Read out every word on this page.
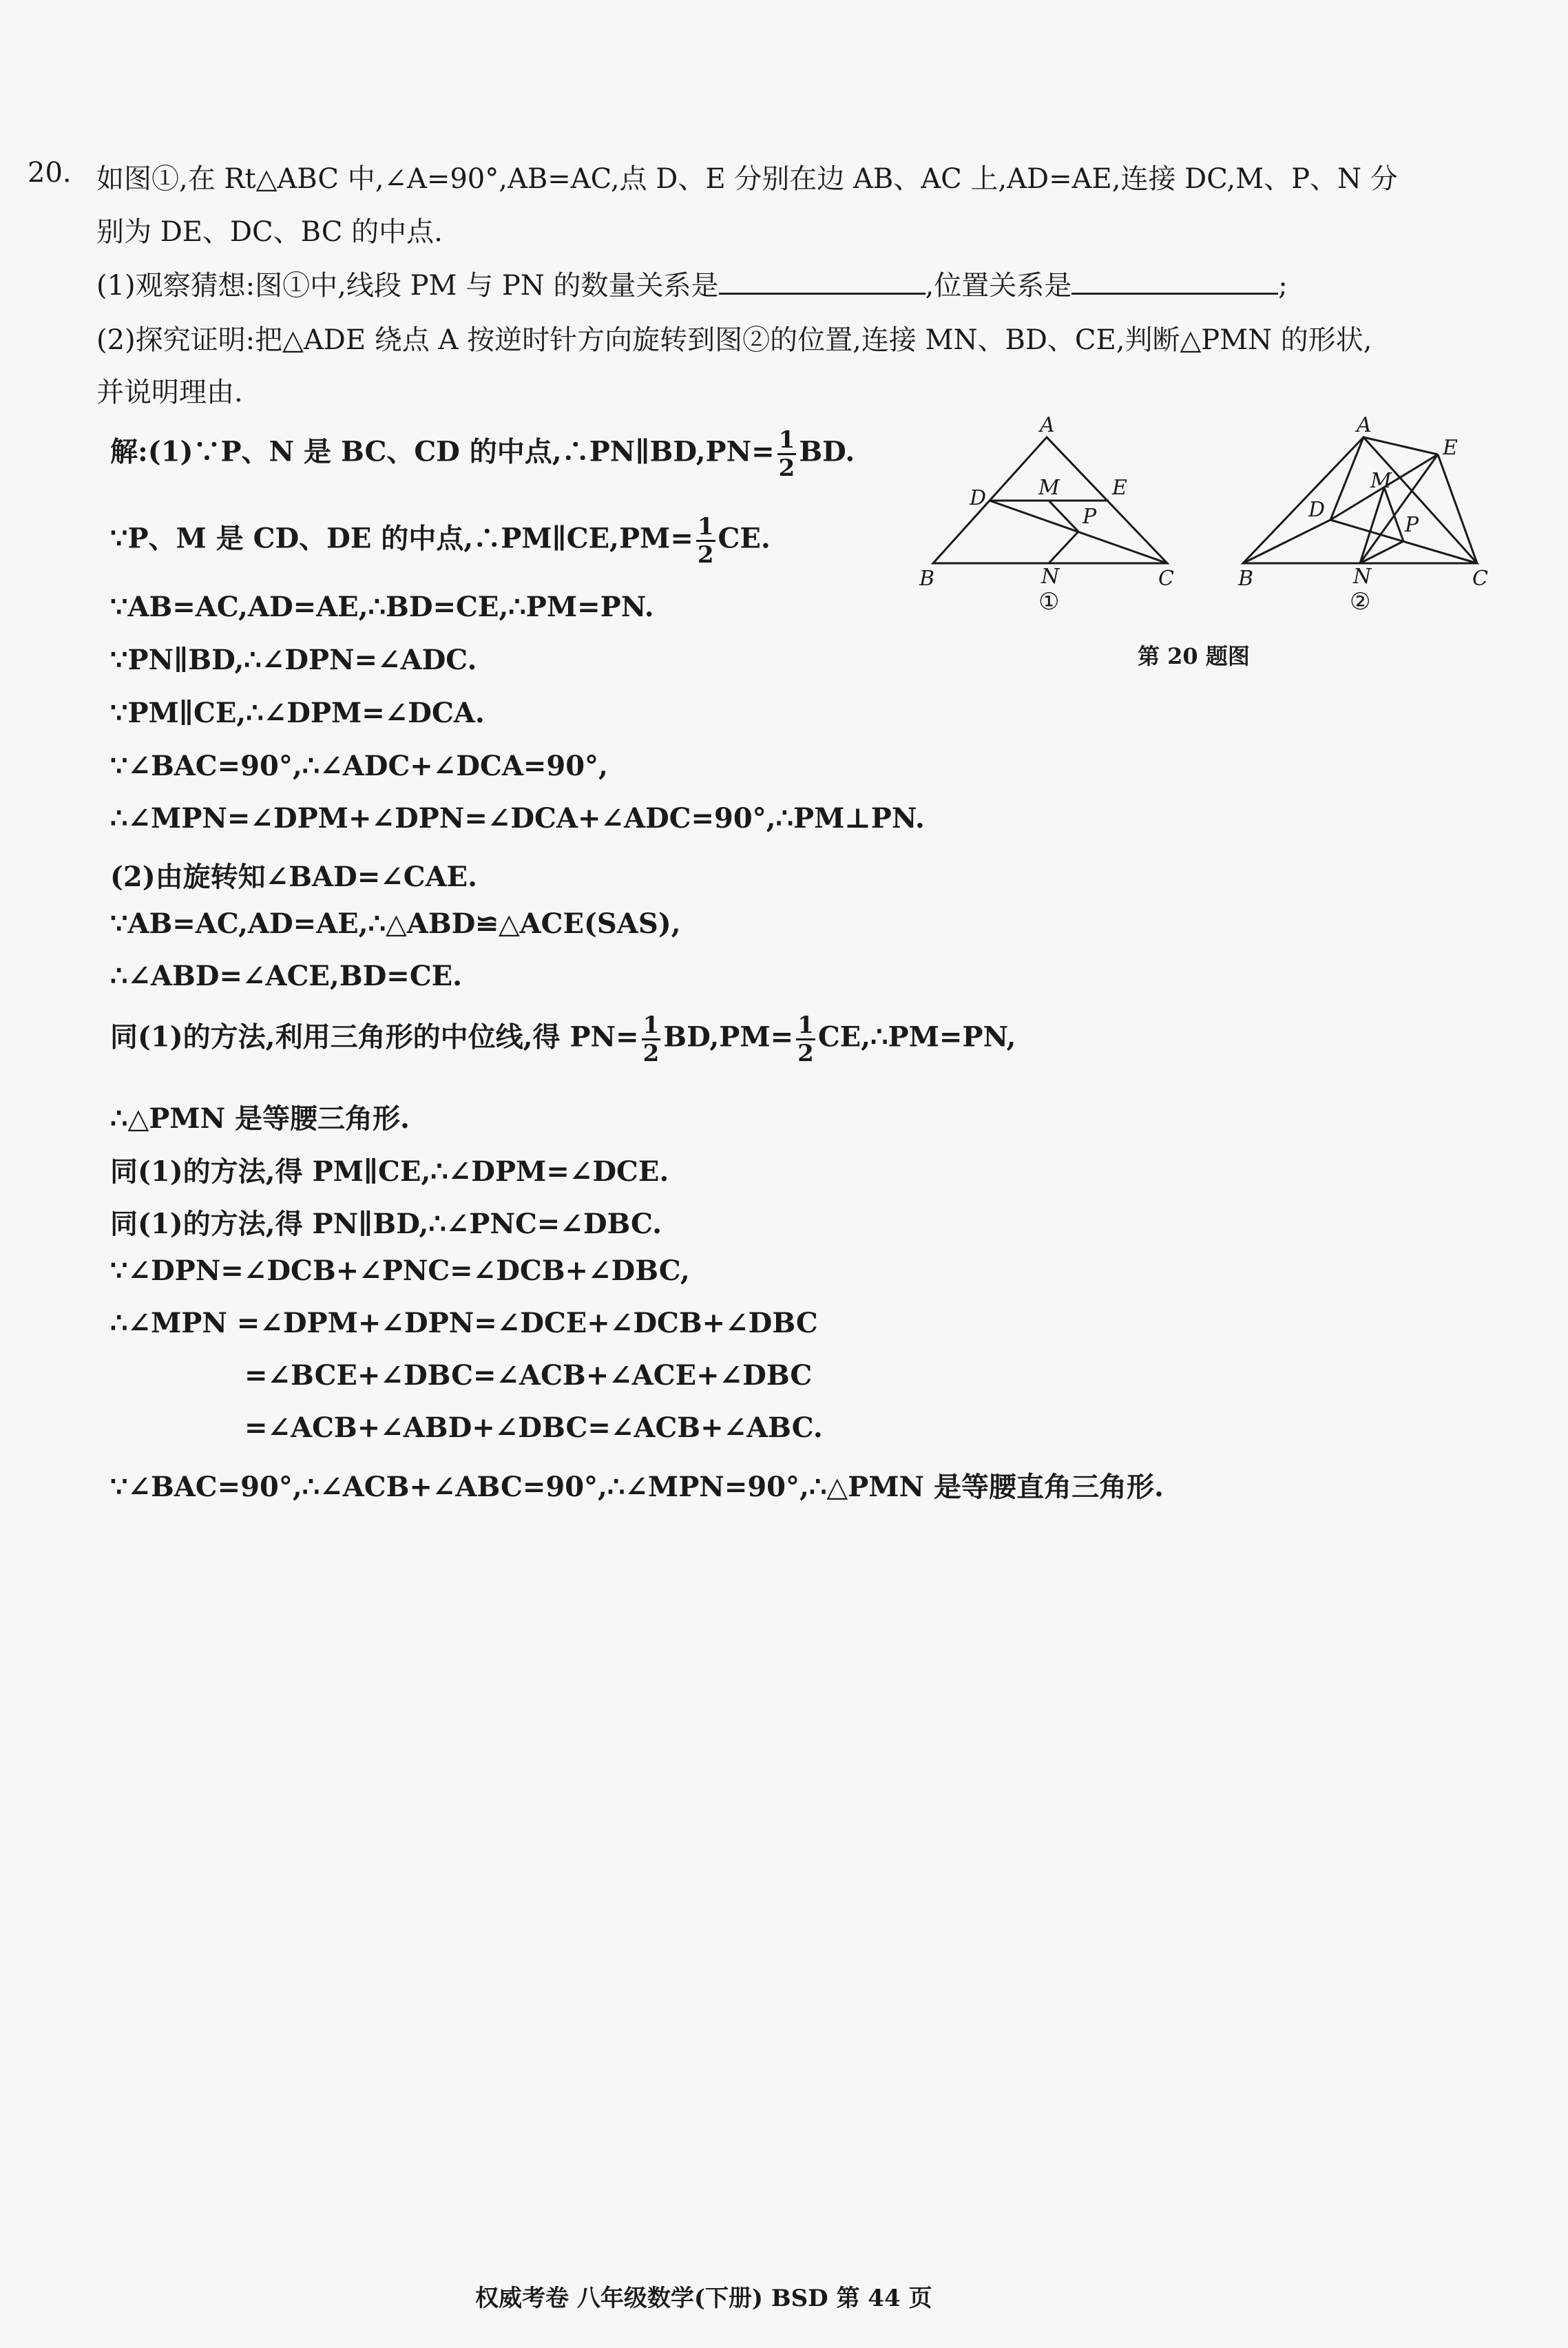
20. 如图①,在 Rt△ABC 中,∠A=90°,AB=AC,点 D、E 分别在边 AB、AC 上,AD=AE,连接 DC,M、P、N 分
别为 DE、DC、BC 的中点.
(1)观察猜想:图①中,线段 PM 与 PN 的数量关系是	,位置关系是	;
(2)探究证明:把△ADE 绕点 A 按逆时针方向旋转到图②的位置,连接 MN、BD、CE,判断△PMN 的形状,
并说明理由.
解:(1)∵P、N 是 BC、CD 的中点,∴PN∥BD,PN= $\frac{1}{2}$ BD.
∵P、M 是 CD、DE 的中点,∴PM∥CE,PM= $\frac{1}{2}$ CE.
∵AB=AC,AD=AE,∴BD=CE,∴PM=PN.
∵PN∥BD,∴∠DPN=∠ADC.
∵PM∥CE,∴∠DPM=∠DCA.
∵∠BAC=90°,∴∠ADC+∠DCA=90°,
∴∠MPN=∠DPM+∠DPN=∠DCA+∠ADC=90°,∴PM⊥PN.
(2)由旋转知∠BAD=∠CAE.
∵AB=AC,AD=AE,∴△ABD≌△ACE(SAS),
∴∠ABD=∠ACE,BD=CE.
同(1)的方法,利用三角形的中位线,得 $PN= \frac{1}{2} BD,PM= \frac{1}{2}$ CE,∴PM=PN,
∴△PMN 是等腰三角形.
同(1)的方法,得 PM∥CE,∴∠DPM=∠DCE.
同(1)的方法,得 PN∥BD,∴∠PNC=∠DBC.
∵∠DPN=∠DCB+∠PNC=∠DCB+∠DBC,
∴∠MPN =∠DPM+∠DPN=∠DCE+∠DCB+∠DBC
=∠BCE+∠DBC=∠ACB+∠ACE+∠DBC
=∠ACB+∠ABD+∠DBC=∠ACB+∠ABC.
∵∠BAC=90°,∴∠ACB+∠ABC=90°,∴∠MPN=90°,∴△PMN 是等腰直角三角形.
A
D	E
M
P
B	N	C
①
A
E
M
D
P
B	N	C
②
第 20 题图
权威考卷 八年级数学(下册) BSD 第 44 页
